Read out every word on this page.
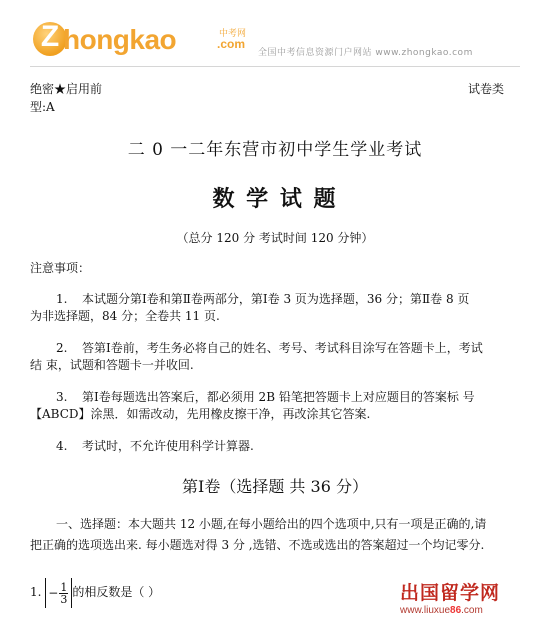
Z hongkao	中考网
.com
全国中考信息资源门户网站 www.zhongkao.com
绝密★启用前	试卷类
型:A
二 0 一二年东营市初中学生学业考试
数 学 试 题
（总分 120 分 考试时间 120 分钟）
注意事项：
1. 本试题分第Ⅰ卷和第Ⅱ卷两部分，第Ⅰ卷 3 页为选择题，36 分；第Ⅱ卷 8 页
为非选择题，84 分；全卷共 11 页.
2. 答第Ⅰ卷前，考生务必将自己的姓名、考号、考试科目涂写在答题卡上，考试
结 束，试题和答题卡一并收回.
3. 第Ⅰ卷每题选出答案后，都必须用 2B 铅笔把答题卡上对应题目的答案标 号
【ABCD】涂黑．如需改动，先用橡皮擦干净，再改涂其它答案.
4. 考试时，不允许使用科学计算器.
第Ⅰ卷（选择题 共 36 分）
一、选择题：本大题共 12 小题,在每小题给出的四个选项中,只有一项是正确的,请
把正确的选项选出来. 每小题选对得 3 分 ,选错、不选或选出的答案超过一个均记零分.
1. − $\frac{1}{3}$ 的相反数是（ ）	出国留学网
www.liuxue86.com
